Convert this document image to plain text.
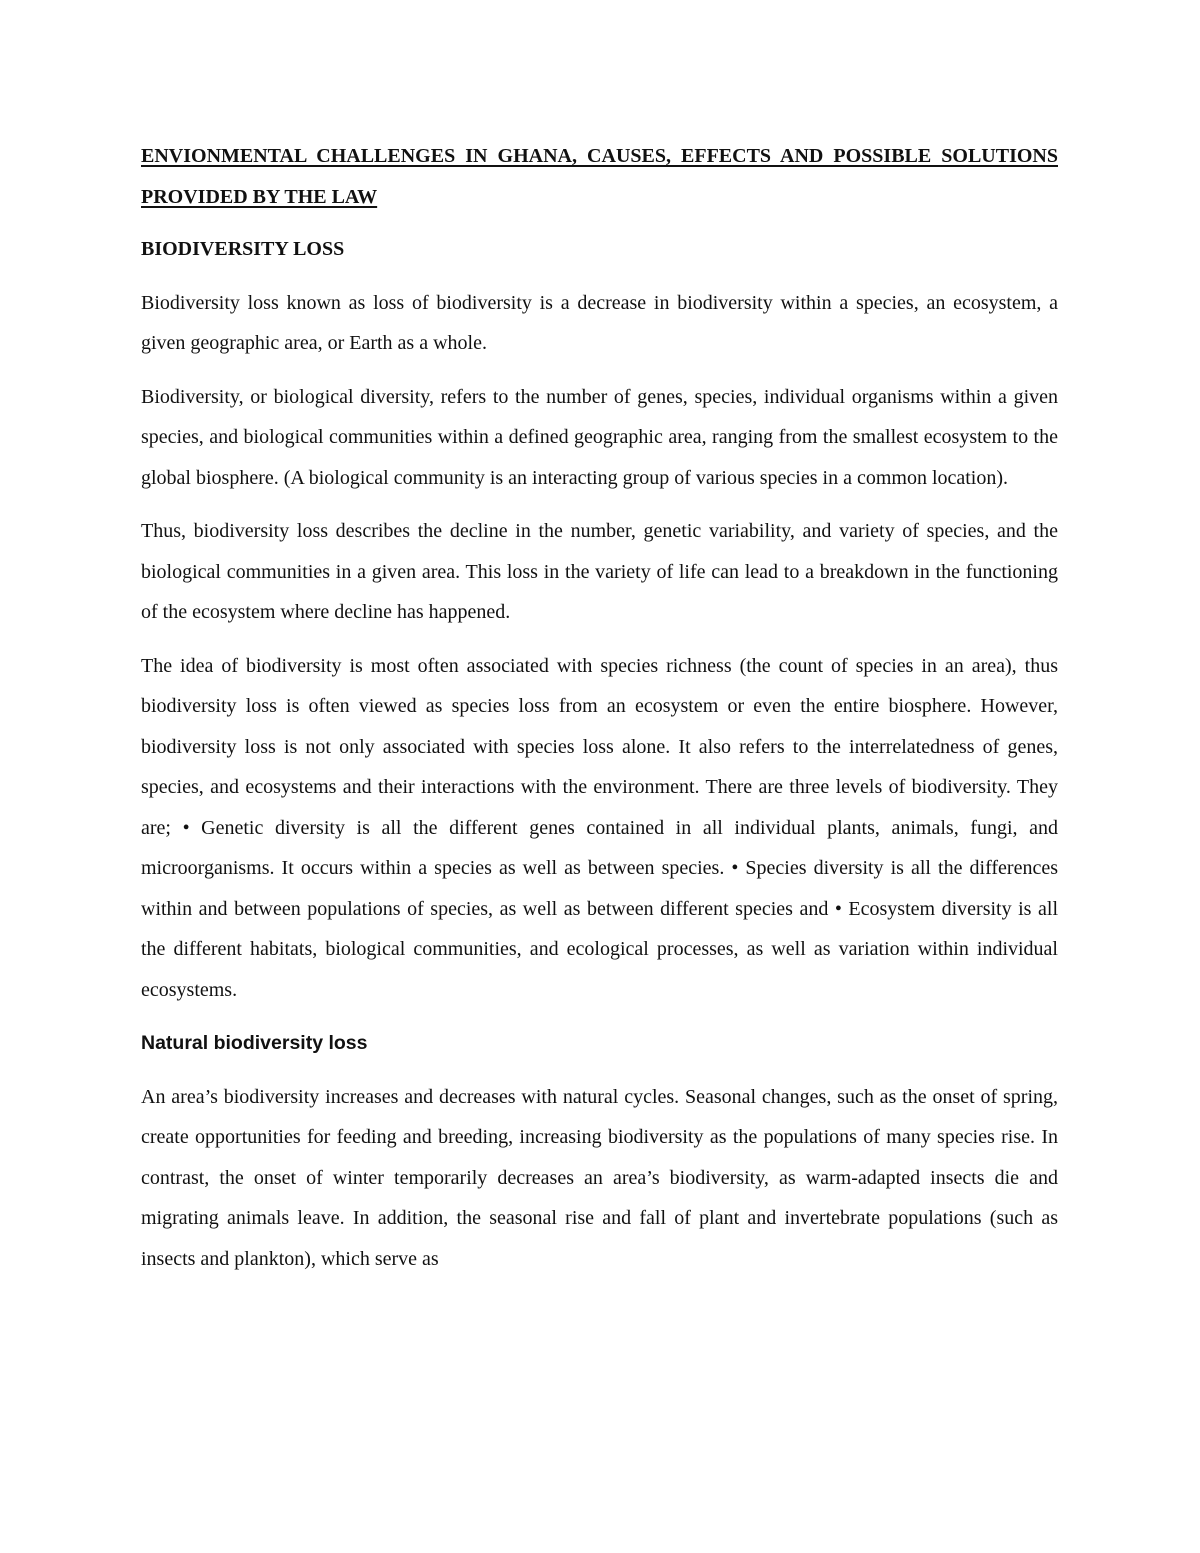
ENVIONMENTAL CHALLENGES IN GHANA, CAUSES, EFFECTS AND POSSIBLE SOLUTIONS PROVIDED BY THE LAW
BIODIVERSITY LOSS

Biodiversity loss known as loss of biodiversity is a decrease in biodiversity within a species, an ecosystem, a given geographic area, or Earth as a whole.

Biodiversity, or biological diversity, refers to the number of genes, species, individual organisms within a given species, and biological communities within a defined geographic area, ranging from the smallest ecosystem to the global biosphere. (A biological community is an interacting group of various species in a common location).

Thus, biodiversity loss describes the decline in the number, genetic variability, and variety of species, and the biological communities in a given area. This loss in the variety of life can lead to a breakdown in the functioning of the ecosystem where decline has happened.

The idea of biodiversity is most often associated with species richness (the count of species in an area), thus biodiversity loss is often viewed as species loss from an ecosystem or even the entire biosphere. However, biodiversity loss is not only associated with species loss alone. It also refers to the interrelatedness of genes, species, and ecosystems and their interactions with the environment. There are three levels of biodiversity. They are; • Genetic diversity is all the different genes contained in all individual plants, animals, fungi, and microorganisms. It occurs within a species as well as between species. • Species diversity is all the differences within and between populations of species, as well as between different species and • Ecosystem diversity is all the different habitats, biological communities, and ecological processes, as well as variation within individual ecosystems.

Natural biodiversity loss

An area’s biodiversity increases and decreases with natural cycles. Seasonal changes, such as the onset of spring, create opportunities for feeding and breeding, increasing biodiversity as the populations of many species rise. In contrast, the onset of winter temporarily decreases an area’s biodiversity, as warm-adapted insects die and migrating animals leave. In addition, the seasonal rise and fall of plant and invertebrate populations (such as insects and plankton), which serve as
